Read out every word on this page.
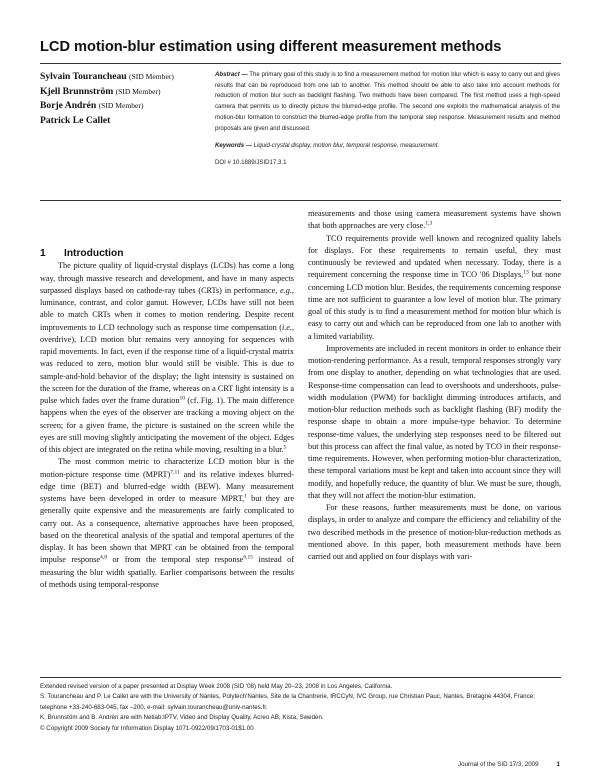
LCD motion-blur estimation using different measurement methods
Sylvain Tourancheau (SID Member)
Kjell Brunnström (SID Member)
Borje Andrén (SID Member)
Patrick Le Callet

Abstract — The primary goal of this study is to find a measurement method for motion blur which is easy to carry out and gives results that can be reproduced from one lab to another. This method should be able to also take into account methods for reduction of motion blur such as backlight flashing. Two methods have been compared. The first method uses a high-speed camera that permits us to directly picture the blurred-edge profile. The second one exploits the mathematical analysis of the motion-blur formation to construct the blurred-edge profile from the temporal step response. Measurement results and method proposals are given and discussed.

Keywords — Liquid-crystal display, motion blur, temporal response, measurement.

DOI # 10.1889/JSID17.3.1

1 Introduction

The picture quality of liquid-crystal displays (LCDs) has come a long way, through massive research and development, and have in many aspects surpassed displays based on cathode-ray tubes (CRTs) in performance, e.g., luminance, contrast, and color gamut. However, LCDs have still not been able to match CRTs when it comes to motion rendering. Despite recent improvements to LCD technology such as response time compensation (i.e., overdrive), LCD motion blur remains very annoying for sequences with rapid movements. In fact, even if the response time of a liquid-crystal matrix was reduced to zero, motion blur would still be visible. This is due to sample-and-hold behavior of the display; the light intensity is sustained on the screen for the duration of the frame, whereas on a CRT light intensity is a pulse which fades over the frame duration$^{10}$ (cf. Fig. 1). The main difference happens when the eyes of the observer are tracking a moving object on the screen; for a given frame, the picture is sustained on the screen while the eyes are still moving slightly anticipating the movement of the object. Edges of this object are integrated on the retina while moving, resulting in a blur.$^5$

The most common metric to characterize LCD motion blur is the motion-picture response time (MPRT)$^{7,11}$ and its relative indexes blurred-edge time (BET) and blurred-edge width (BEW). Many measurement systems have been developed in order to measure MPRT,$^1$ but they are generally quite expensive and the measurements are fairly complicated to carry out. As a consequence, alternative approaches have been proposed, based on the theoretical analysis of the spatial and temporal apertures of the display. It has been shown that MPRT can be obtained from the temporal impulse response$^{4,8}$ or from the temporal step response$^{6,15}$ instead of measuring the blur width spatially. Earlier comparisons between the results of methods using temporal-response

measurements and those using camera measurement systems have shown that both approaches are very close.$^{1,3}$

TCO requirements provide well known and recognized quality labels for displays. For these requirements to remain useful, they must continuously be reviewed and updated when necessary. Today, there is a requirement concerning the response time in TCO '06 Displays,$^{13}$ but none concerning LCD motion blur. Besides, the requirements concerning response time are not sufficient to guarantee a low level of motion blur. The primary goal of this study is to find a measurement method for motion blur which is easy to carry out and which can be reproduced from one lab to another with a limited variability.

Improvements are included in recent monitors in order to enhance their motion-rendering performance. As a result, temporal responses strongly vary from one display to another, depending on what technologies that are used. Response-time compensation can lead to overshoots and undershoots, pulse-width modulation (PWM) for backlight dimming introduces artifacts, and motion-blur reduction methods such as backlight flashing (BF) modify the response shape to obtain a more impulse-type behavior. To determine response-time values, the underlying step responses need to be filtered out but this process can affect the final value, as noted by TCO in their response-time requirements. However, when performing motion-blur characterization, these temporal variations must be kept and taken into account since they will modify, and hopefully reduce, the quantity of blur. We must be sure, though, that they will not affect the motion-blur estimation.

For these reasons, further measurements must be done, on various displays, in order to analyze and compare the efficiency and reliability of the two described methods in the presence of motion-blur-reduction methods as mentioned above. In this paper, both measurement methods have been carried out and applied on four displays with vari-

Extended revised version of a paper presented at Display Week 2008 (SID '08) held May 20–23, 2008 in Los Angeles, California.

S. Tourancheau and P. Le Callet are with the University of Nantes, Polytech'Nantes, Site de la Chantrerie, IRCCyN, IVC Group, rue Christian Pauc, Nantes, Bretagne 44304, France; telephone +33-240-683-045, fax –200, e-mail: sylvain.tourancheau@univ-nantes.fr.

K. Brunnstöm and B. Andrén are with Netlab:IPTV, Video and Display Quality, Acreo AB, Kista, Sweden.

© Copyright 2009 Society for Information Display 1071-0922/09/1703-01$1.00

Journal of the SID 17/3, 2009	1
